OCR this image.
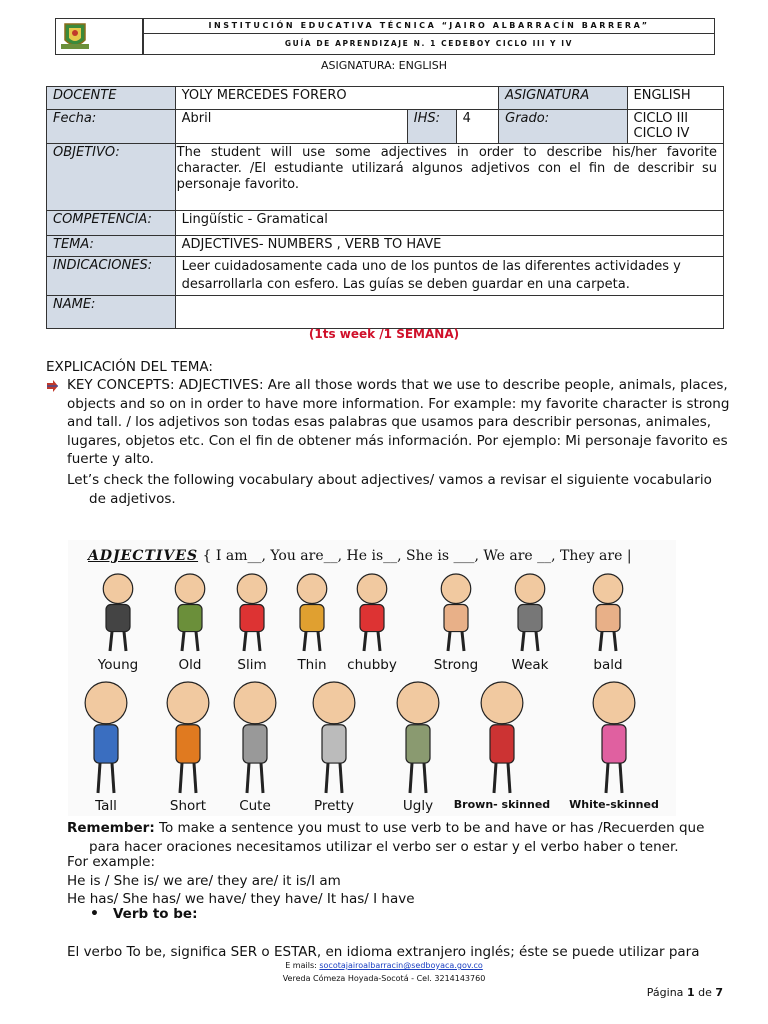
INSTITUCIÓN EDUCATIVA TÉCNICA “JAIRO ALBARRACÍN BARRERA”
GUÍA DE APRENDIZAJE N. 1 CEDEBOY CICLO III Y IV
ASIGNATURA: ENGLISH
DOCENTE	YOLY MERCEDES FORERO			ASIGNATURA	ENGLISH
Fecha:	Abril	IHS:	4	Grado:	CICLO III
CICLO IV

OBJETIVO:	The student will use some adjectives in order to describe his/her favorite character. /El estudiante utilizará algunos adjetivos con el fin de describir su personaje favorito.				
COMPETENCIA:	Lingüístic - Gramatical				
TEMA:	ADJECTIVES- NUMBERS , VERB TO HAVE				
INDICACIONES:	Leer cuidadosamente cada uno de los puntos de las diferentes actividades y desarrollarla con esfero. Las guías se deben guardar en una carpeta.				
NAME:					
(1ts week /1 SEMANA)
EXPLICACIÓN DEL TEMA:
KEY CONCEPTS: ADJECTIVES: Are all those words that we use to describe people, animals, places, objects and so on in order to have more information. For example: my favorite character is strong and tall. / los adjetivos son todas esas palabras que usamos para describir personas, animales, lugares, objetos etc. Con el fin de obtener más información. Por ejemplo: Mi personaje favorito es fuerte y alto.
Let’s check the following vocabulary about adjectives/ vamos a revisar el siguiente vocabulario
de adjetivos.
ADJECTIVES { I am__, You are__, He is__, She is ___, We are __, They are |
Remember: To make a sentence you must to use verb to be and have or has /Recuerden que
para hacer oraciones necesitamos utilizar el verbo ser o estar y el verbo haber o tener.
For example:
He is / She is/ we are/ they are/ it is/I am
He has/ She has/ we have/ they have/ It has/ I have
• Verb to be:
El verbo To be, significa SER o ESTAR, en idioma extranjero inglés; éste se puede utilizar para
E mails: socotajairoalbarracin@sedboyaca.gov.co
Vereda Cómeza Hoyada-Socotá - Cel. 3214143760
Página 1 de 7
Young	Old	Slim	Thin	chubby	Strong	Weak	bald
Tall	Short	Cute	Pretty	Ugly	Brown- skinned	White-skinned
